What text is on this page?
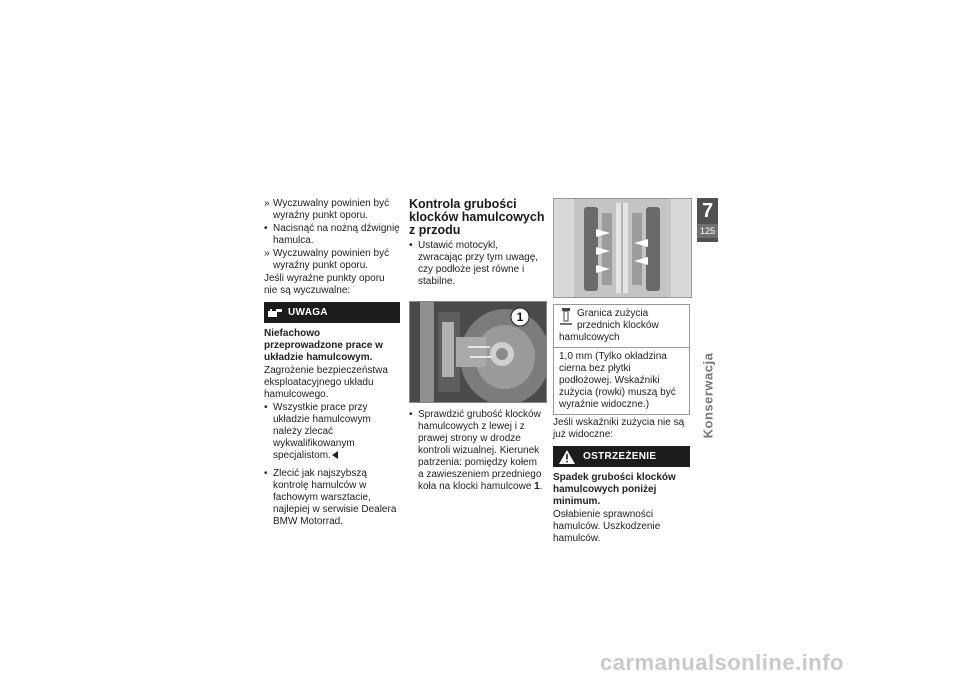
» Wyczuwalny powinien być wyraźny punkt oporu.
• Nacisnąć na nożną dźwignię hamulca.
» Wyczuwalny powinien być wyraźny punkt oporu.

Jeśli wyraźne punkty oporu nie są wyczuwalne:

UWAGA

Niefachowo przeprowadzone prace w układzie hamulcowym.

Zagrożenie bezpieczeństwa eksploatacyjnego układu hamulcowego.

• Wszystkie prace przy układzie hamulcowym należy zlecać wykwalifikowanym specjalistom.
• Zlecić jak najszybszą kontrolę hamulców w fachowym warsztacie, najlepiej w serwisie Dealera BMW Motorrad.
Kontrola grubości klocków hamulcowych z przodu
• Ustawić motocykl, zwracając przy tym uwagę, czy podłoże jest równe i stabilne.
1
• Sprawdzić grubość klocków hamulcowych z lewej i z prawej strony w drodze kontroli wizualnej. Kierunek patrzenia: pomiędzy kołem a zawieszeniem przedniego koła na klocki hamulcowe 1.
Granica zużycia przednich klocków hamulcowych
1,0 mm (Tylko okładzina cierna bez płytki podłożowej. Wskaźniki zużycia (rowki) muszą być wyraźnie widoczne.)

Jeśli wskaźniki zużycia nie są już widoczne:

OSTRZEŻENIE

Spadek grubości klocków hamulcowych poniżej minimum.

Osłabienie sprawności hamulców. Uszkodzenie hamulców.

7
125
Konserwacja
carmanualsonline.info
